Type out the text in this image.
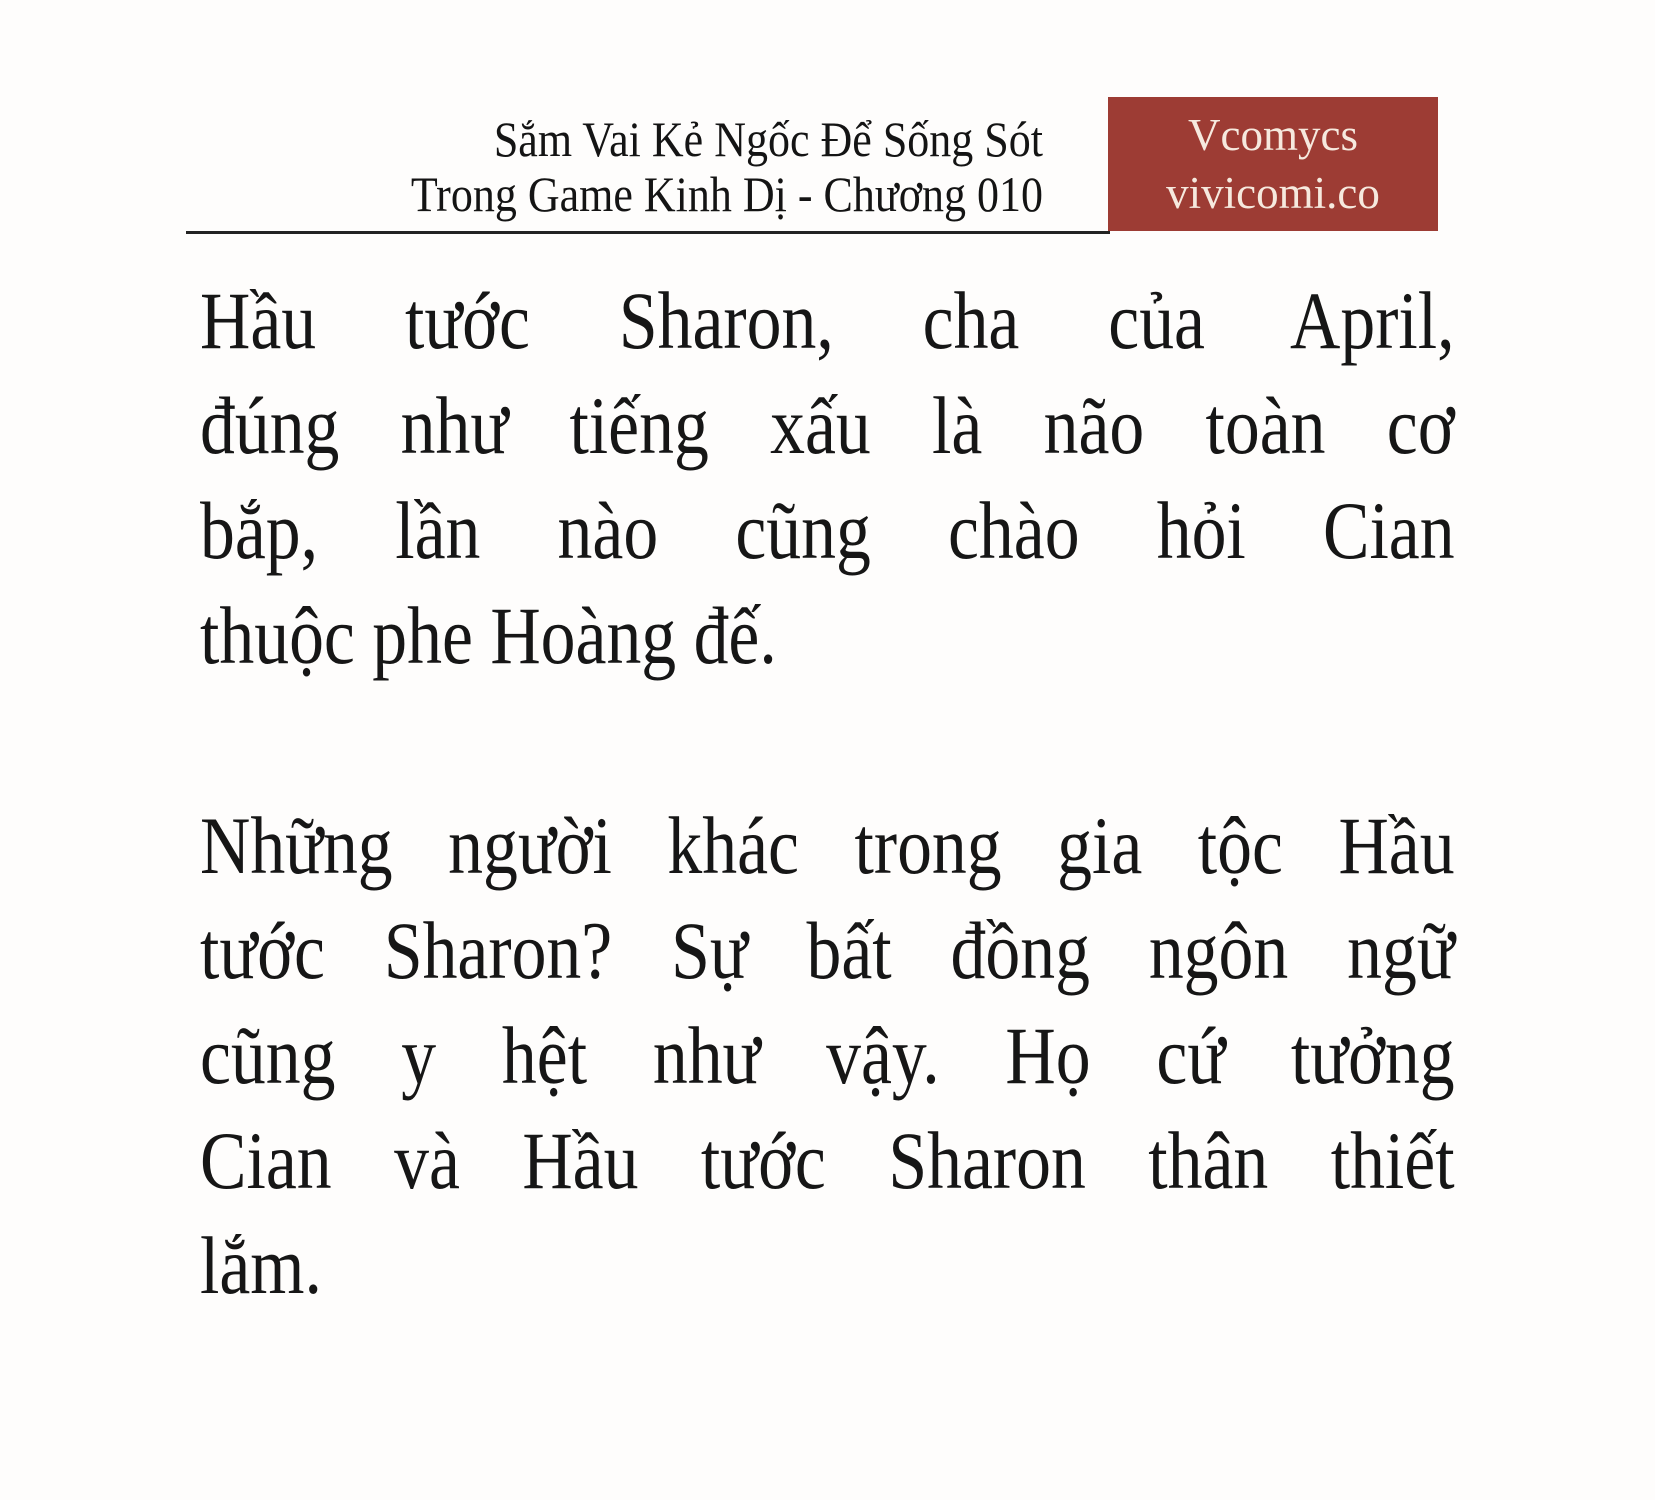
Sắm Vai Kẻ Ngốc Để Sống Sót
Trong Game Kinh Dị - Chương 010
Vcomycs
vivicomi.co
Hầu tước Sharon, cha của April,
đúng như tiếng xấu là não toàn cơ
bắp, lần nào cũng chào hỏi Cian
thuộc phe Hoàng đế.
Những người khác trong gia tộc Hầu
tước Sharon? Sự bất đồng ngôn ngữ
cũng y hệt như vậy. Họ cứ tưởng
Cian và Hầu tước Sharon thân thiết
lắm.
